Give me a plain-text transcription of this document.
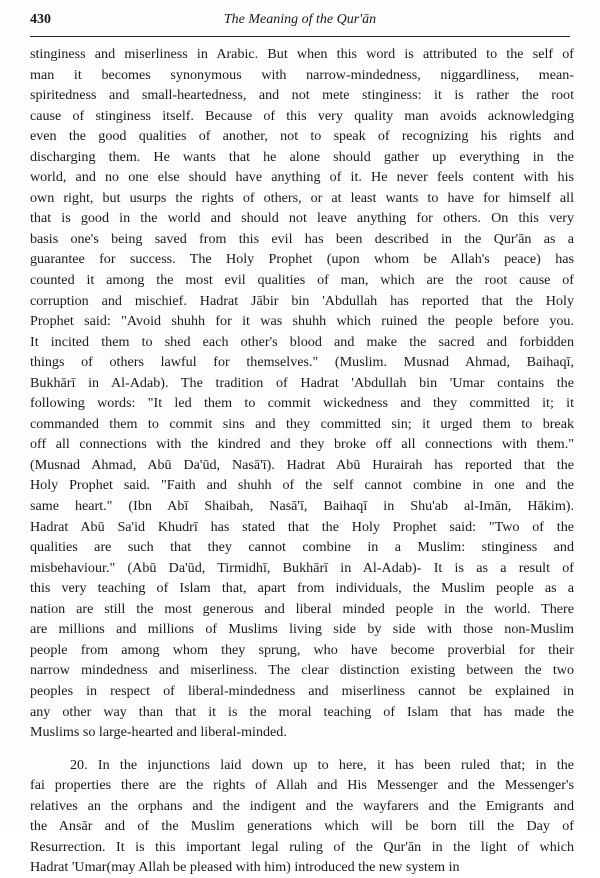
430	The Meaning of the Qur'ān
stinginess and miserliness in Arabic. But when this word is attributed to the self of
man it becomes synonymous with narrow-mindedness, niggardliness, mean-
spiritedness and small-heartedness, and not mete stinginess: it is rather the root
cause of stinginess itself. Because of this very quality man avoids acknowledging
even the good qualities of another, not to speak of recognizing his rights and
discharging them. He wants that he alone should gather up everything in the
world, and no one else should have anything of it. He never feels content with his
own right, but usurps the rights of others, or at least wants to have for himself all
that is good in the world and should not leave anything for others. On this very
basis one's being saved from this evil has been described in the Qur'ān as a
guarantee for success. The Holy Prophet (upon whom be Allah's peace) has
counted it among the most evil qualities of man, which are the root cause of
corruption and mischief. Hadrat Jābir bin 'Abdullah has reported that the Holy
Prophet said: "Avoid shuhh for it was shuhh which ruined the people before you.
It incited them to shed each other's blood and make the sacred and forbidden
things of others lawful for themselves." (Muslim. Musnad Ahmad, Baihaqī,
Bukhārī in Al-Adab). The tradition of Hadrat 'Abdullah bin 'Umar contains the
following words: "It led them to commit wickedness and they committed it; it
commanded them to commit sins and they committed sin; it urged them to break
off all connections with the kindred and they broke off all connections with them."
(Musnad Ahmad, Abū Da'ūd, Nasā'ī). Hadrat Abū Hurairah has reported that the
Holy Prophet said. "Faith and shuhh of the self cannot combine in one and the
same heart." (Ibn Abī Shaibah, Nasā'ī, Baihaqī in Shu'ab al-Imān, Hākim).
Hadrat Abū Sa'id Khudrī has stated that the Holy Prophet said: "Two of the
qualities are such that they cannot combine in a Muslim: stinginess and
misbehaviour." (Abū Da'ūd, Tirmidhī, Bukhārī in Al-Adab)- It is as a result of
this very teaching of Islam that, apart from individuals, the Muslim people as a
nation are still the most generous and liberal minded people in the world. There
are millions and millions of Muslims living side by side with those non-Muslim
people from among whom they sprung, who have become proverbial for their
narrow mindedness and miserliness. The clear distinction existing between the two
peoples in respect of liberal-mindedness and miserliness cannot be explained in
any other way than that it is the moral teaching of Islam that has made the
Muslims so large-hearted and liberal-minded.
20. In the injunctions laid down up to here, it has been ruled that; in the
fai properties there are the rights of Allah and His Messenger and the Messenger's
relatives an the orphans and the indigent and the wayfarers and the Emigrants and
the Ansār and of the Muslim generations which will be born till the Day of
Resurrection. It is this important legal ruling of the Qur'ān in the light of which
Hadrat 'Umar(may Allah be pleased with him) introduced the new system in
